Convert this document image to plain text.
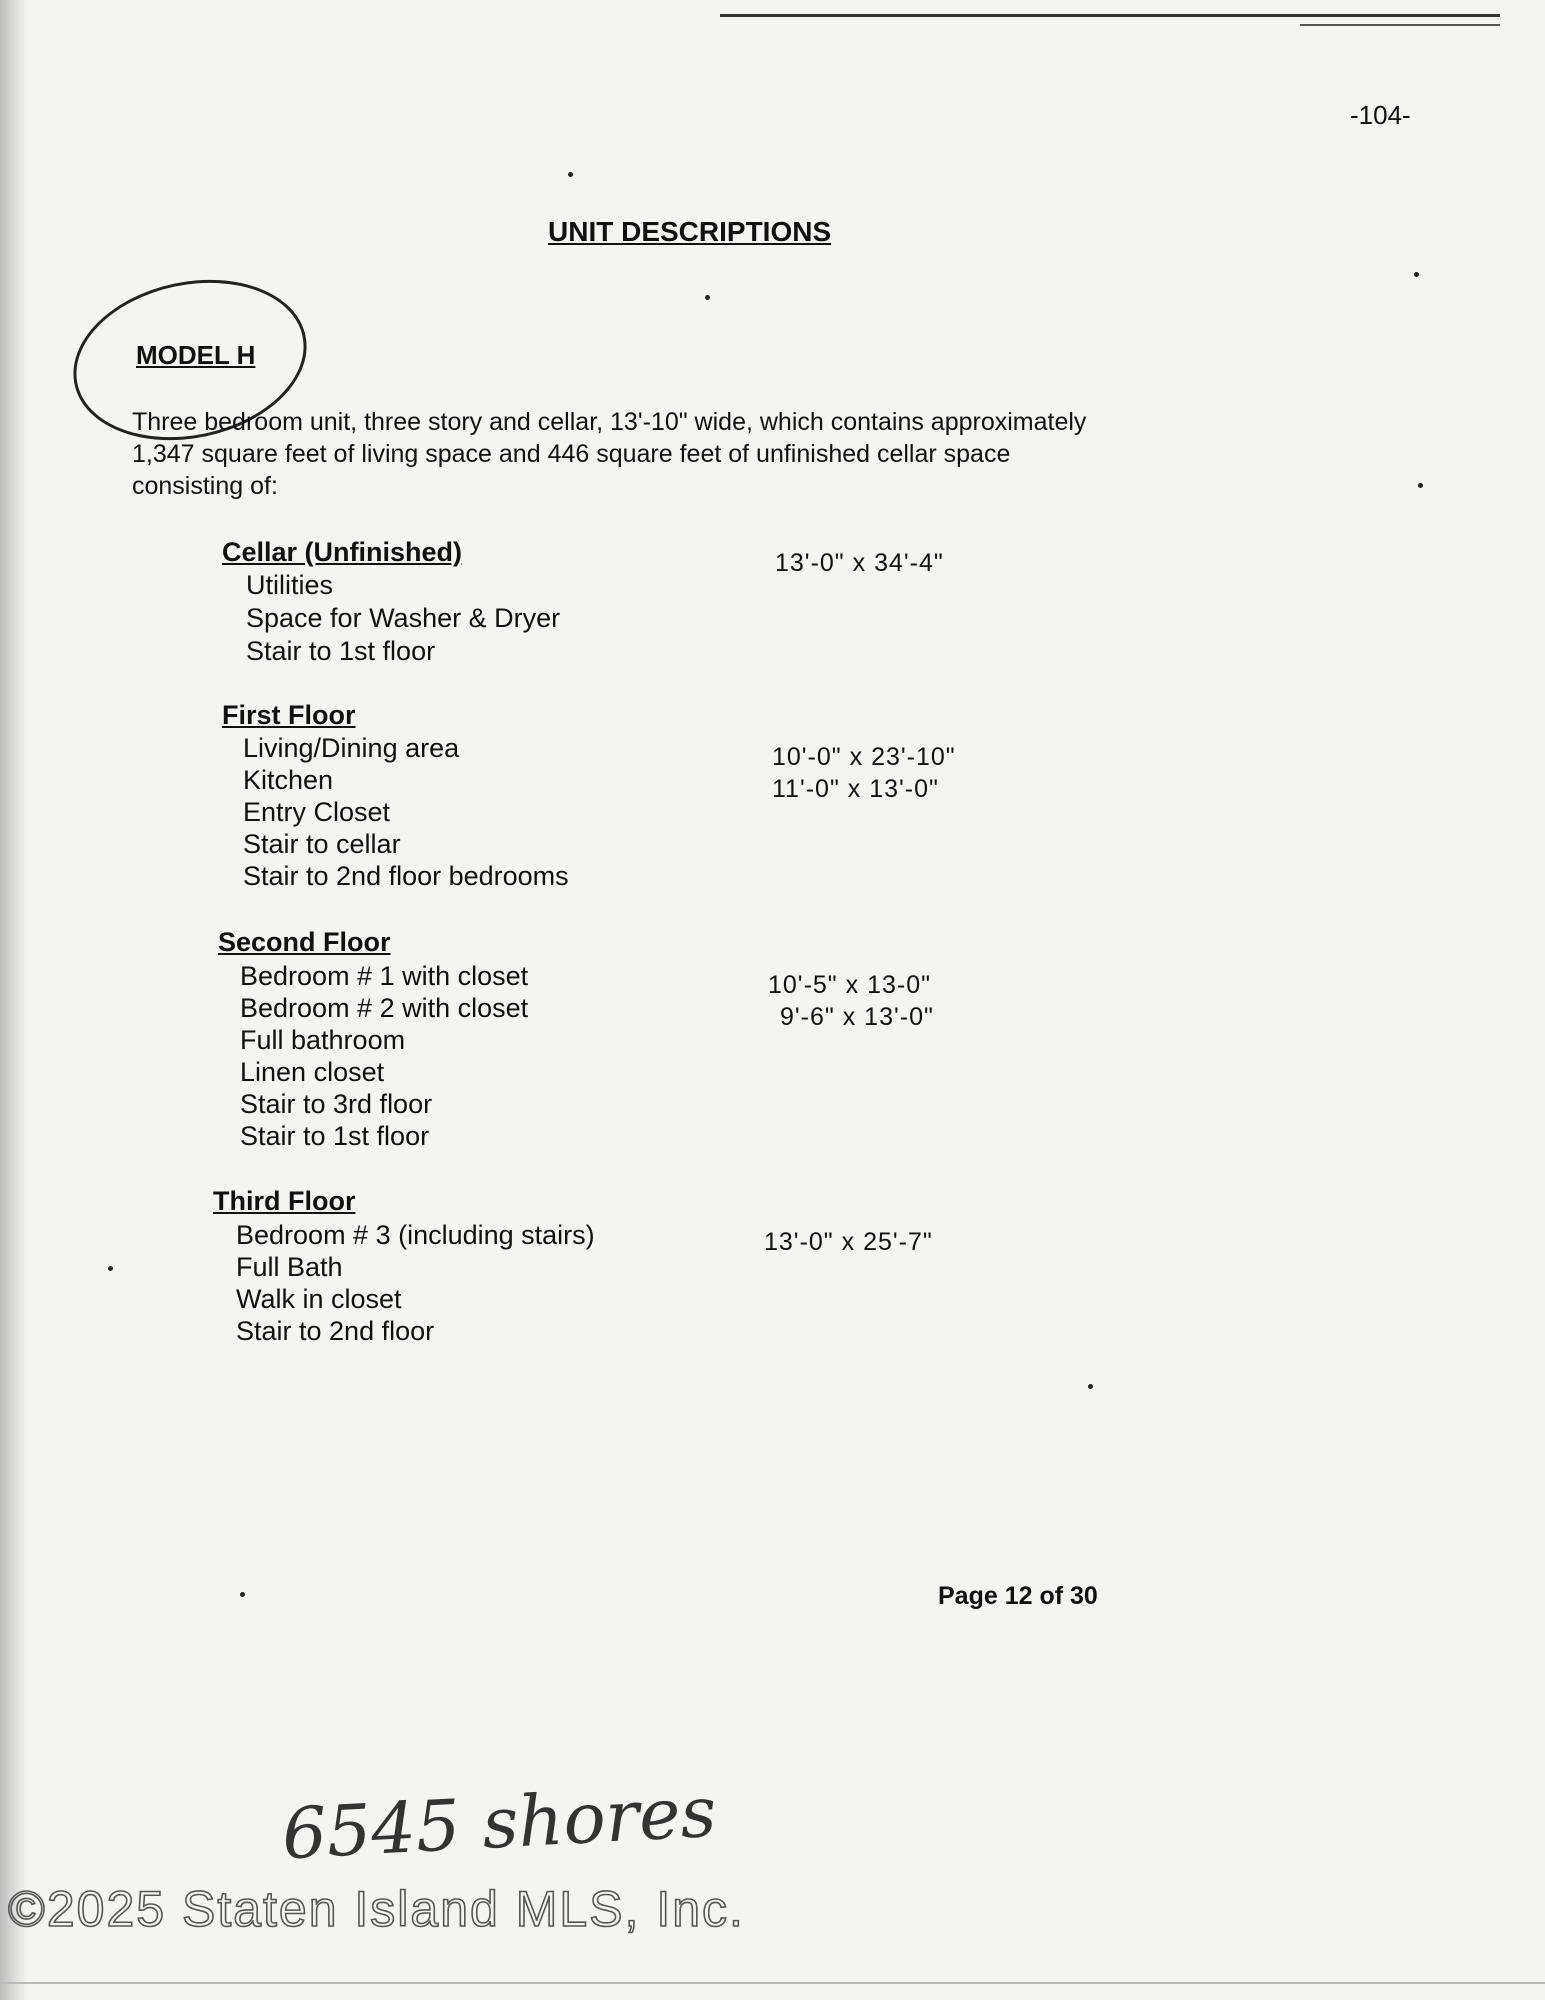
-104-
UNIT DESCRIPTIONS
MODEL H
Three bedroom unit, three story and cellar, 13'-10" wide, which contains approximately
1,347 square feet of living space and 446 square feet of unfinished cellar space
consisting of:
Cellar (Unfinished)	13'-0" x 34'-4"
Utilities
Space for Washer & Dryer
Stair to 1st floor
First Floor
Living/Dining area	10'-0" x 23'-10"
Kitchen	11'-0" x 13'-0"
Entry Closet
Stair to cellar
Stair to 2nd floor bedrooms
Second Floor
Bedroom # 1 with closet	10'-5" x 13-0"
Bedroom # 2 with closet	9'-6" x 13'-0"
Full bathroom
Linen closet
Stair to 3rd floor
Stair to 1st floor
Third Floor
Bedroom # 3 (including stairs)	13'-0" x 25'-7"
Full Bath
Walk in closet
Stair to 2nd floor
Page 12 of 30
6545 shores
©2025 Staten Island MLS, Inc.
